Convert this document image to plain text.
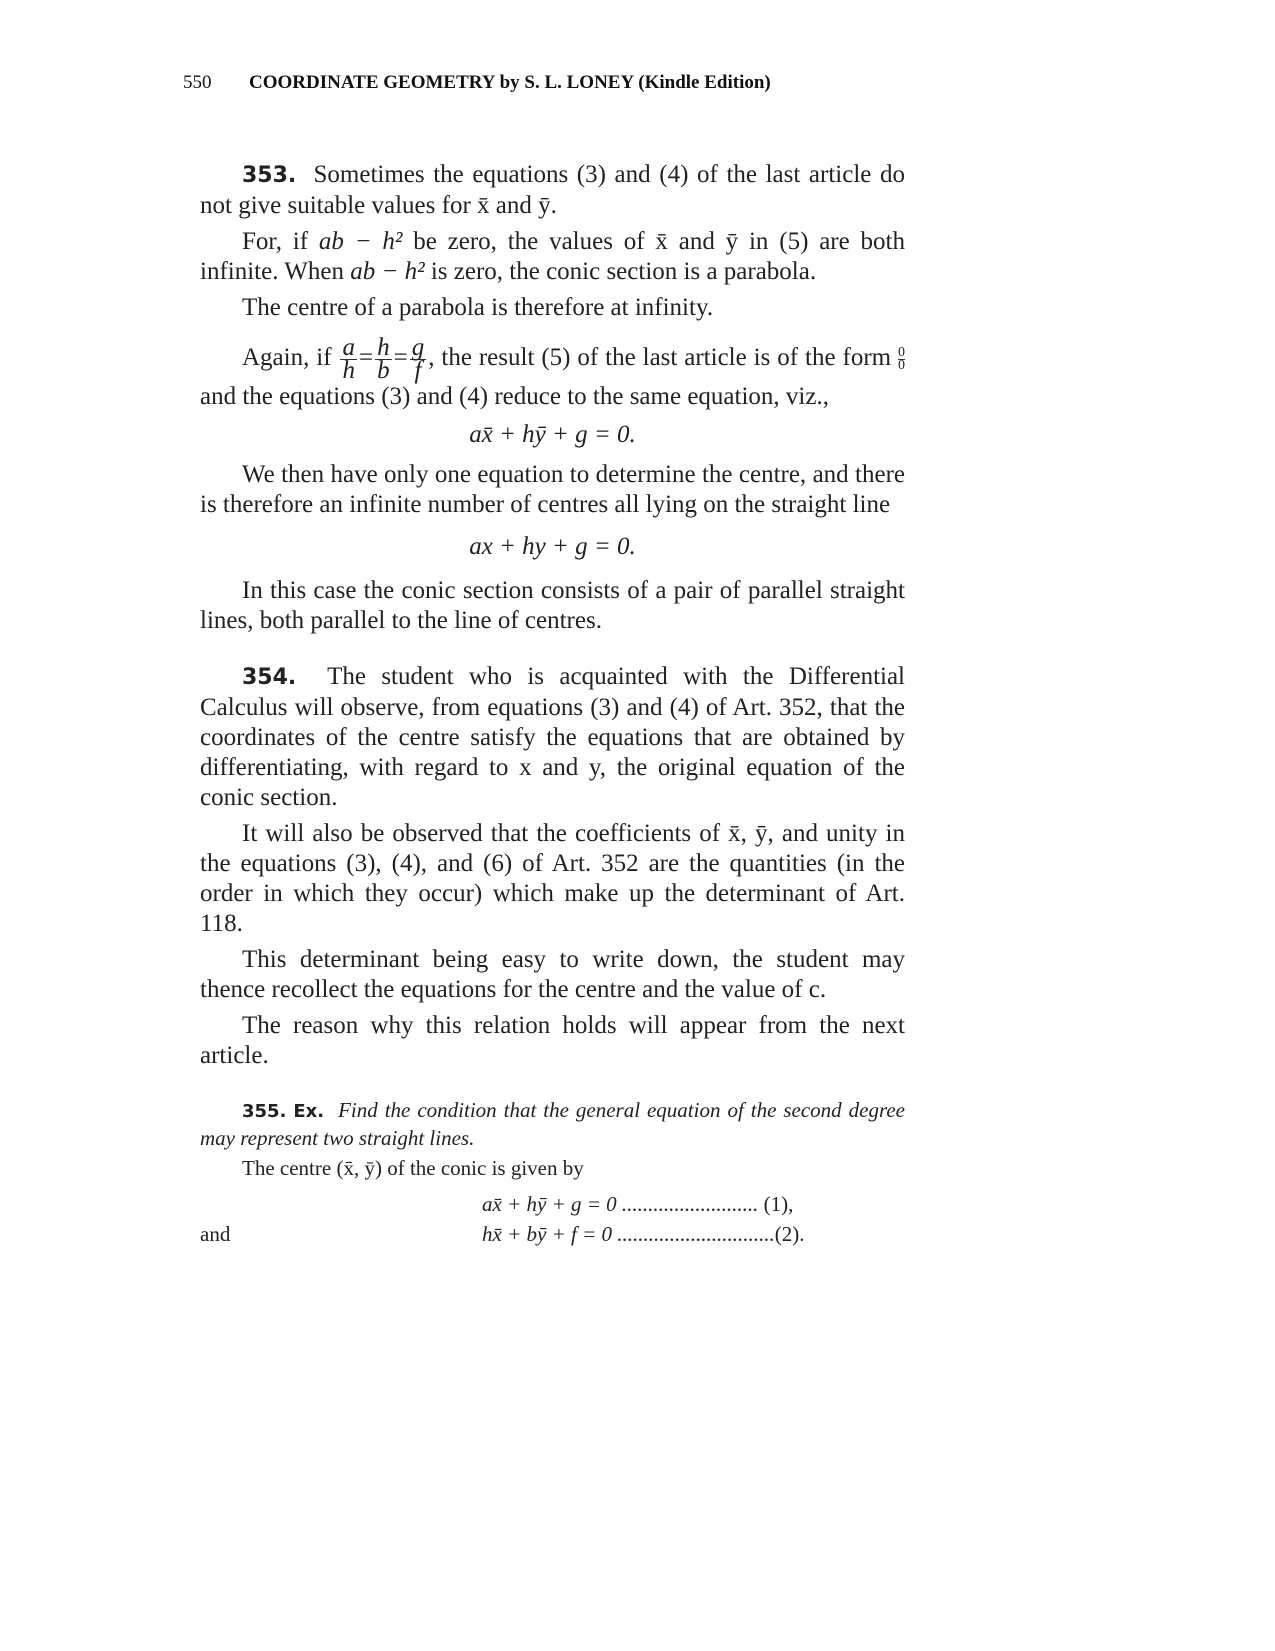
550 COORDINATE GEOMETRY by S. L. LONEY (Kindle Edition)

353. Sometimes the equations (3) and (4) of the last article do not give suitable values for x̄ and ȳ.

For, if ab − h² be zero, the values of x̄ and ȳ in (5) are both infinite. When ab − h² is zero, the conic section is a parabola.

The centre of a parabola is therefore at infinity.

Again, if $\frac{a}{h} = \frac{h}{b} = \frac{g}{f}$ , the result (5) of the last article is of the form $\frac{0}{0}$ and the equations (3) and (4) reduce to the same equation, viz.,

ax̄ + hȳ + g = 0.

We then have only one equation to determine the centre, and there is therefore an infinite number of centres all lying on the straight line

ax + hy + g = 0.

In this case the conic section consists of a pair of parallel straight lines, both parallel to the line of centres.

354. The student who is acquainted with the Differential Calculus will observe, from equations (3) and (4) of Art. 352, that the coordinates of the centre satisfy the equations that are obtained by differentiating, with regard to x and y, the original equation of the conic section.

It will also be observed that the coefficients of x̄, ȳ, and unity in the equations (3), (4), and (6) of Art. 352 are the quantities (in the order in which they occur) which make up the determinant of Art. 118.

This determinant being easy to write down, the student may thence recollect the equations for the centre and the value of c.

The reason why this relation holds will appear from the next article.

355. Ex. Find the condition that the general equation of the second degree may represent two straight lines.

The centre (x̄, ȳ) of the conic is given by

ax̄ + hȳ + g = 0 .......................... (1),
and	hx̄ + bȳ + f = 0 ..............................(2).
